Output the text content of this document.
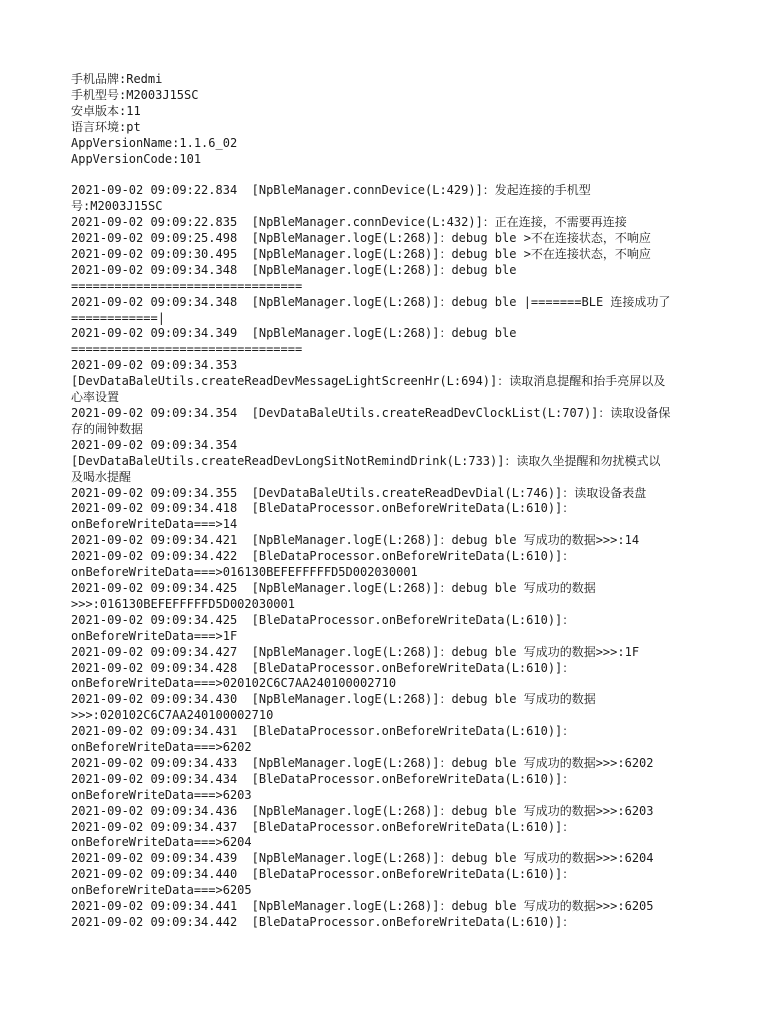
手机品牌:Redmi
手机型号:M2003J15SC
安卓版本:11
语言环境:pt
AppVersionName:1.1.6_02
AppVersionCode:101
2021-09-02 09:09:22.834  [NpBleManager.connDevice(L:429)]：发起连接的手机型
号:M2003J15SC
2021-09-02 09:09:22.835  [NpBleManager.connDevice(L:432)]：正在连接，不需要再连接
2021-09-02 09:09:25.498  [NpBleManager.logE(L:268)]：debug ble >不在连接状态，不响应
2021-09-02 09:09:30.495  [NpBleManager.logE(L:268)]：debug ble >不在连接状态，不响应
2021-09-02 09:09:34.348  [NpBleManager.logE(L:268)]：debug ble
================================
2021-09-02 09:09:34.348  [NpBleManager.logE(L:268)]：debug ble |=======BLE 连接成功了
============|
2021-09-02 09:09:34.349  [NpBleManager.logE(L:268)]：debug ble
================================
2021-09-02 09:09:34.353
[DevDataBaleUtils.createReadDevMessageLightScreenHr(L:694)]：读取消息提醒和抬手亮屏以及
心率设置
2021-09-02 09:09:34.354  [DevDataBaleUtils.createReadDevClockList(L:707)]：读取设备保
存的闹钟数据
2021-09-02 09:09:34.354
[DevDataBaleUtils.createReadDevLongSitNotRemindDrink(L:733)]：读取久坐提醒和勿扰模式以
及喝水提醒
2021-09-02 09:09:34.355  [DevDataBaleUtils.createReadDevDial(L:746)]：读取设备表盘
2021-09-02 09:09:34.418  [BleDataProcessor.onBeforeWriteData(L:610)]：
onBeforeWriteData===>14
2021-09-02 09:09:34.421  [NpBleManager.logE(L:268)]：debug ble 写成功的数据>>>:14
2021-09-02 09:09:34.422  [BleDataProcessor.onBeforeWriteData(L:610)]：
onBeforeWriteData===>016130BEFEFFFFFD5D002030001
2021-09-02 09:09:34.425  [NpBleManager.logE(L:268)]：debug ble 写成功的数据
>>>:016130BEFEFFFFFD5D002030001
2021-09-02 09:09:34.425  [BleDataProcessor.onBeforeWriteData(L:610)]：
onBeforeWriteData===>1F
2021-09-02 09:09:34.427  [NpBleManager.logE(L:268)]：debug ble 写成功的数据>>>:1F
2021-09-02 09:09:34.428  [BleDataProcessor.onBeforeWriteData(L:610)]：
onBeforeWriteData===>020102C6C7AA240100002710
2021-09-02 09:09:34.430  [NpBleManager.logE(L:268)]：debug ble 写成功的数据
>>>:020102C6C7AA240100002710
2021-09-02 09:09:34.431  [BleDataProcessor.onBeforeWriteData(L:610)]：
onBeforeWriteData===>6202
2021-09-02 09:09:34.433  [NpBleManager.logE(L:268)]：debug ble 写成功的数据>>>:6202
2021-09-02 09:09:34.434  [BleDataProcessor.onBeforeWriteData(L:610)]：
onBeforeWriteData===>6203
2021-09-02 09:09:34.436  [NpBleManager.logE(L:268)]：debug ble 写成功的数据>>>:6203
2021-09-02 09:09:34.437  [BleDataProcessor.onBeforeWriteData(L:610)]：
onBeforeWriteData===>6204
2021-09-02 09:09:34.439  [NpBleManager.logE(L:268)]：debug ble 写成功的数据>>>:6204
2021-09-02 09:09:34.440  [BleDataProcessor.onBeforeWriteData(L:610)]：
onBeforeWriteData===>6205
2021-09-02 09:09:34.441  [NpBleManager.logE(L:268)]：debug ble 写成功的数据>>>:6205
2021-09-02 09:09:34.442  [BleDataProcessor.onBeforeWriteData(L:610)]：
